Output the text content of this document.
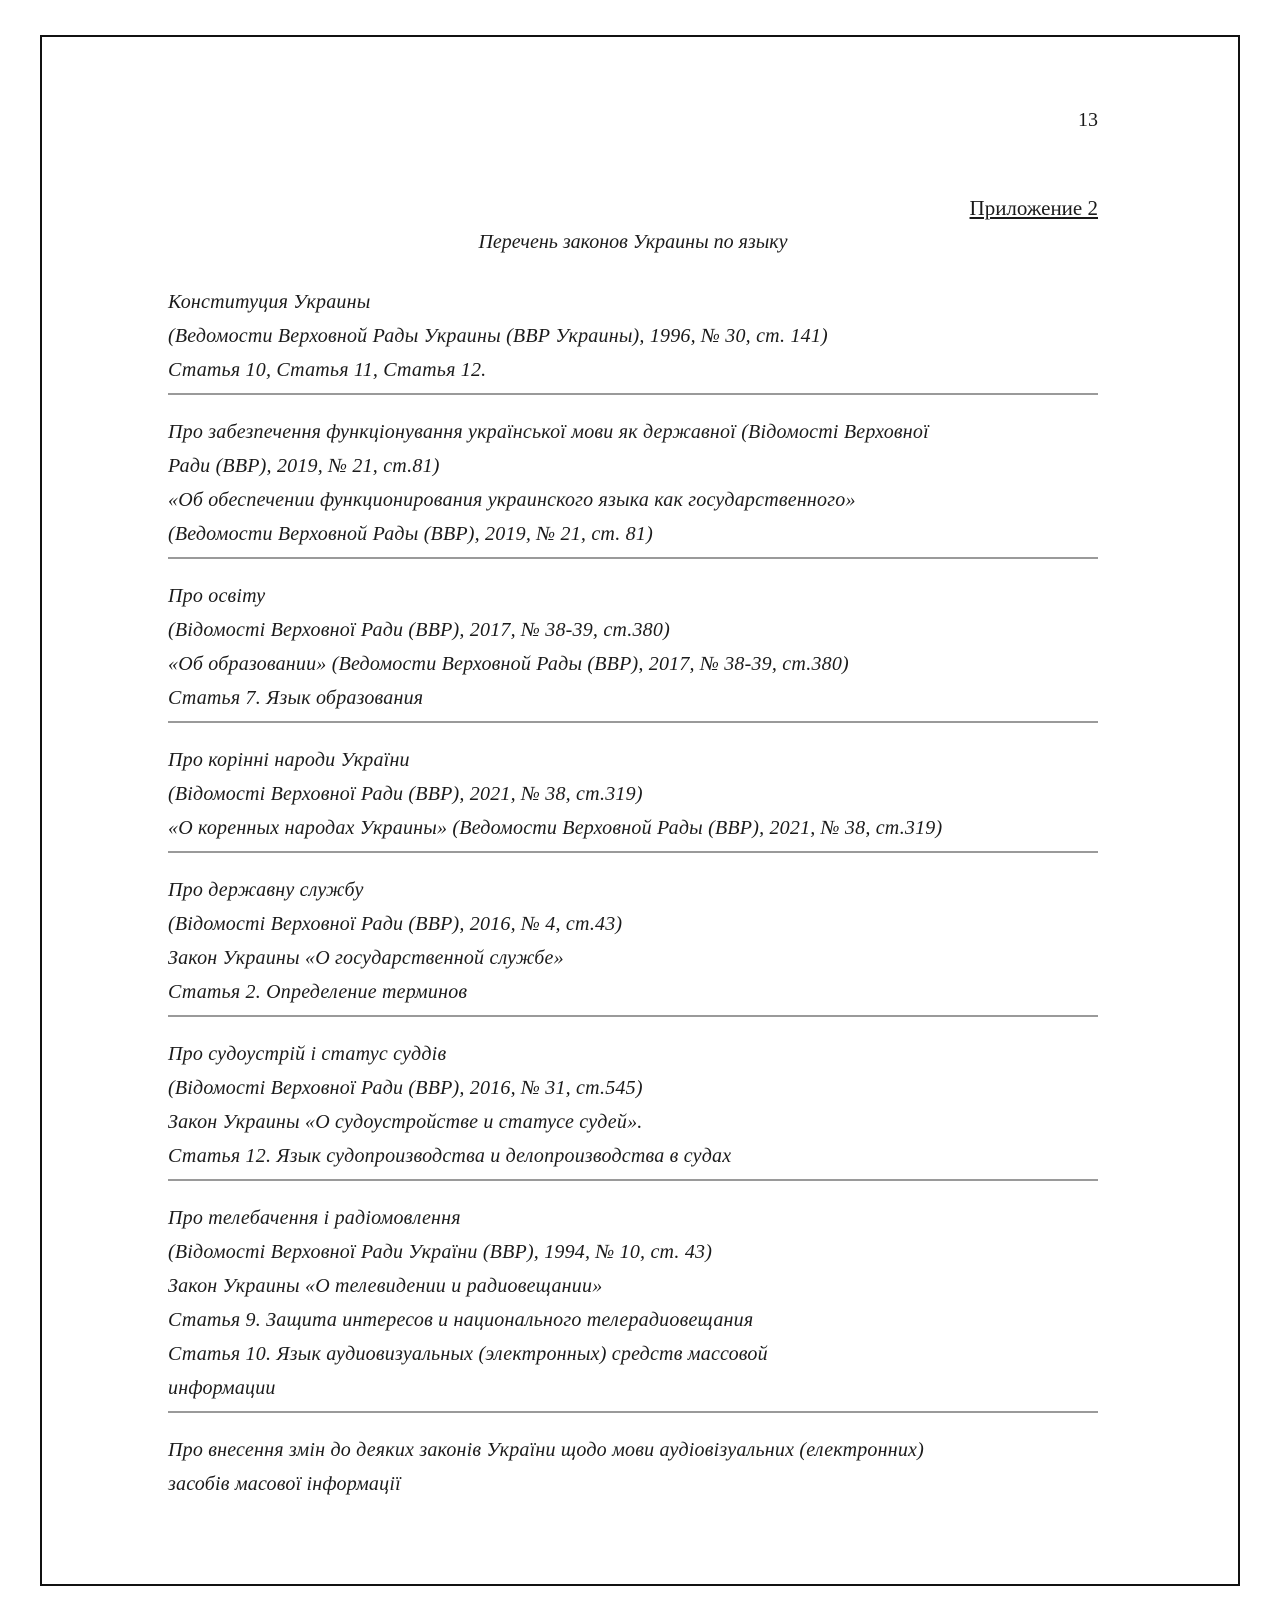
13
Приложение 2
Перечень законов Украины по языку

Конституция Украины

(Ведомости Верховной Рады Украины (ВВР Украины), 1996, № 30, ст. 141)

Статья 10, Статья 11, Статья 12.

Про забезпечення функціонування української мови як державної (Відомості Верховної

Ради (ВВР), 2019, № 21, ст.81)

«Об обеспечении функционирования украинского языка как государственного»

(Ведомости Верховной Рады (ВВР), 2019, № 21, ст. 81)

Про освіту

(Відомості Верховної Ради (ВВР), 2017, № 38-39, ст.380)

«Об образовании» (Ведомости Верховной Рады (ВВР), 2017, № 38-39, ст.380)

Статья 7. Язык образования

Про корінні народи України

(Відомості Верховної Ради (ВВР), 2021, № 38, ст.319)

«О коренных народах Украины» (Ведомости Верховной Рады (ВВР), 2021, № 38, ст.319)

Про державну службу

(Відомості Верховної Ради (ВВР), 2016, № 4, ст.43)

Закон Украины «О государственной службе»

Статья 2. Определение терминов

Про судоустрій і статус суддів

(Відомості Верховної Ради (ВВР), 2016, № 31, ст.545)

Закон Украины «О судоустройстве и статусе судей».

Статья 12. Язык судопроизводства и делопроизводства в судах

Про телебачення і радіомовлення

(Відомості Верховної Ради України (ВВР), 1994, № 10, ст. 43)

Закон Украины «О телевидении и радиовещании»

Статья 9. Защита интересов и национального телерадиовещания

Статья 10. Язык аудиовизуальных (электронных) средств массовой

информации

Про внесення змін до деяких законів України щодо мови аудіовізуальних (електронних)

засобів масової інформації
